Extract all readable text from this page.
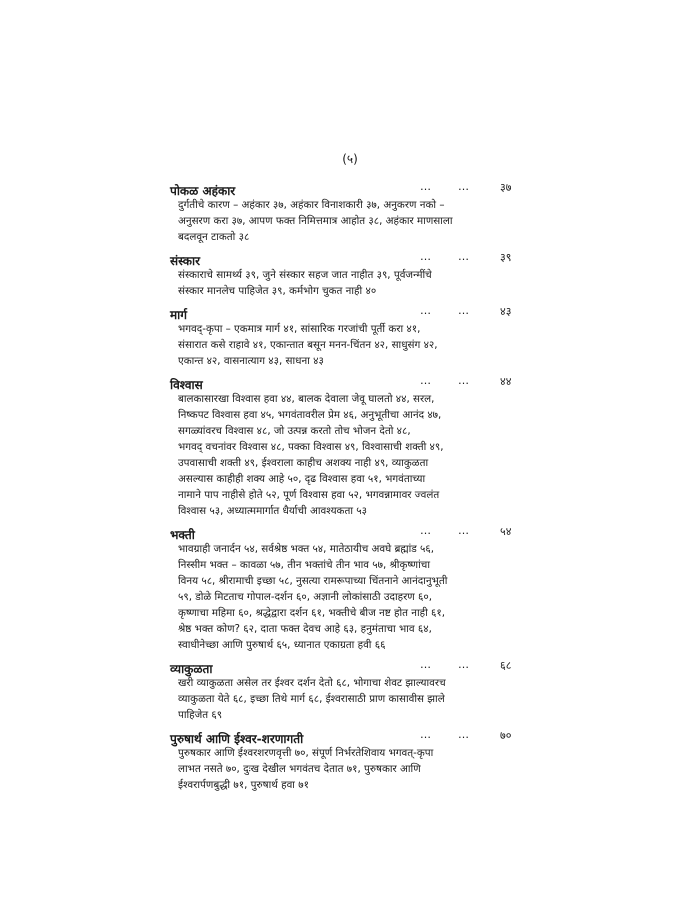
(५)
पोकळ अहंकार	… …	३७
दुर्गतीचे कारण – अहंकार ३७, अहंकार विनाशकारी ३७, अनुकरण नको –
अनुसरण करा ३७, आपण फक्त निमित्तमात्र आहोत ३८, अहंकार माणसाला
बदलवून टाकतो ३८
संस्कार	… …	३९
संस्काराचे सामर्थ्य ३९, जुने संस्कार सहज जात नाहीत ३९, पूर्वजन्मींचे
संस्कार मानलेच पाहिजेत ३९, कर्मभोग चुकत नाही ४०
मार्ग	… …	४३
भगवद्‌-कृपा – एकमात्र मार्ग ४१, सांसारिक गरजांची पूर्ती करा ४१,
संसारात कसे राहावे ४१, एकान्तात बसून मनन-चिंतन ४२, साधुसंग ४२,
एकान्त ४२, वासनात्याग ४३, साधना ४३
विश्वास	… …	४४
बालकासारखा विश्वास हवा ४४, बालक देवाला जेवू घालतो ४४, सरल,
निष्कपट विश्वास हवा ४५, भगवंतावरील प्रेम ४६, अनुभूतीचा आनंद ४७,
सगळ्यांवरच विश्वास ४८, जो उत्पन्न करतो तोच भोजन देतो ४८,
भगवद्‌ वचनांवर विश्वास ४८, पक्का विश्वास ४९, विश्वासाची शक्ती ४९,
उपवासाची शक्ती ४९, ईश्वराला काहीच अशक्य नाही ४९, व्याकुळता
असल्यास काहीही शक्य आहे ५०, दृढ विश्वास हवा ५१, भगवंताच्या
नामाने पाप नाहीसे होते ५२, पूर्ण विश्वास हवा ५२, भगवन्नामावर ज्वलंत
विश्वास ५३, अध्यात्ममार्गात धैर्याची आवश्यकता ५३
भक्ती	… …	५४
भावग्राही जनार्दन ५४, सर्वश्रेष्ठ भक्त ५४, मातेठायीच अवघे ब्रह्मांड ५६,
निस्सीम भक्त – कावळा ५७, तीन भक्तांचे तीन भाव ५७, श्रीकृष्णांचा
विनय ५८, श्रीरामाची इच्छा ५८, नुसत्या रामरूपाच्या चिंतनाने आनंदानुभूती
५९, डोळे मिटताच गोपाल-दर्शन ६०, अज्ञानी लोकांसाठी उदाहरण ६०,
कृष्णाचा महिमा ६०, श्रद्धेद्वारा दर्शन ६१, भक्तीचे बीज नष्ट होत नाही ६१,
श्रेष्ठ भक्त कोण? ६२, दाता फक्त देवच आहे ६३, हनुमंताचा भाव ६४,
स्वाधीनेच्छा आणि पुरुषार्थ ६५, ध्यानात एकाग्रता हवी ६६
व्याकुळता	… …	६८
खरी व्याकुळता असेल तर ईश्वर दर्शन देतो ६८, भोगाचा शेवट झाल्यावरच
व्याकुळता येते ६८, इच्छा तिथे मार्ग ६८, ईश्वरासाठी प्राण कासावीस झाले
पाहिजेत ६९
पुरुषार्थ आणि ईश्वर-शरणागती	… …	७०
पुरुषकार आणि ईश्वरशरणवृत्ती ७०, संपूर्ण निर्भरतेशिवाय भगवत्‌-कृपा
लाभत नसते ७०, दुःख देखील भगवंतच देतात ७१, पुरुषकार आणि
ईश्वरार्पणबुद्धी ७१, पुरुषार्थ हवा ७१
